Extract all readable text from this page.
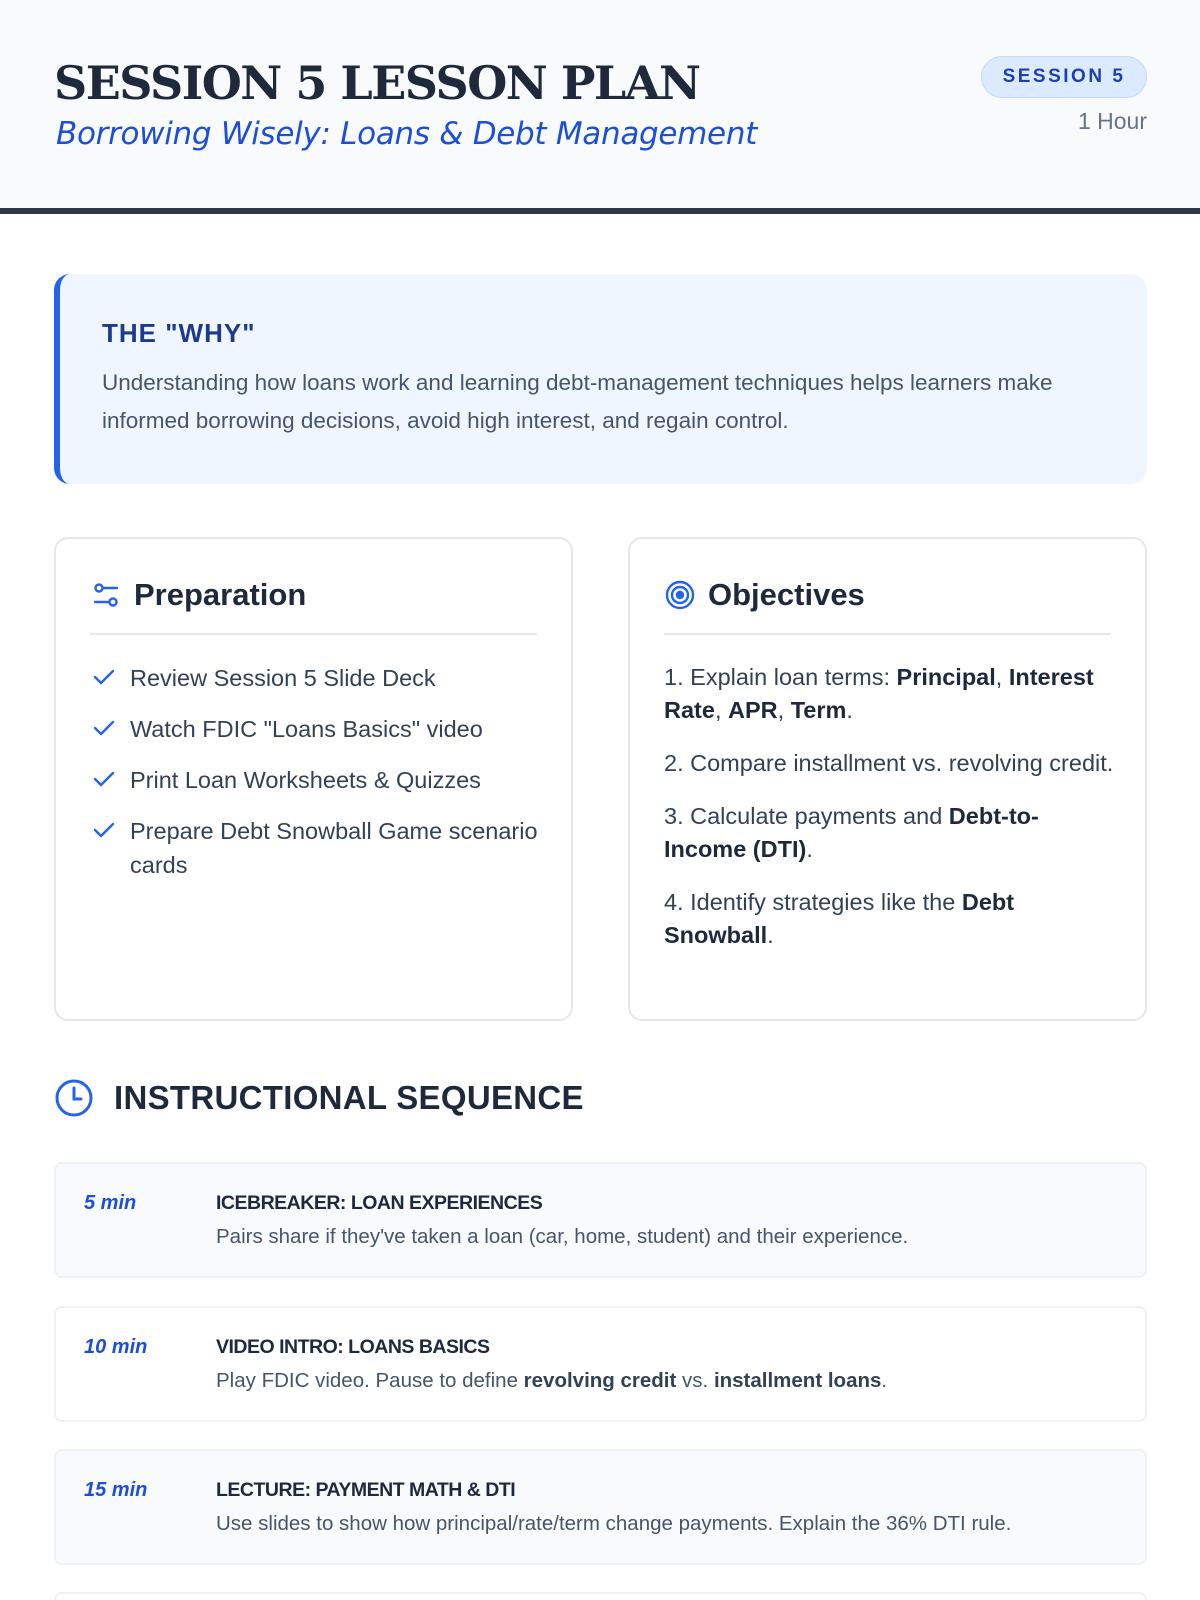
SESSION 5 LESSON PLAN
Borrowing Wisely: Loans & Debt Management
SESSION 5
1 Hour
THE "WHY"
Understanding how loans work and learning debt-management techniques helps learners make informed borrowing decisions, avoid high interest, and regain control.
Preparation
Review Session 5 Slide Deck
Watch FDIC "Loans Basics" video
Print Loan Worksheets & Quizzes
Prepare Debt Snowball Game scenario cards
Objectives

1. Explain loan terms: Principal, Interest Rate, APR, Term.

2. Compare installment vs. revolving credit.

3. Calculate payments and Debt-to-Income (DTI).

4. Identify strategies like the Debt Snowball.

INSTRUCTIONAL SEQUENCE
5 min	ICEBREAKER: LOAN EXPERIENCES
Pairs share if they've taken a loan (car, home, student) and their experience.
10 min	VIDEO INTRO: LOANS BASICS
Play FDIC video. Pause to define revolving credit vs. installment loans.
15 min	LECTURE: PAYMENT MATH & DTI
Use slides to show how principal/rate/term change payments. Explain the 36% DTI rule.
